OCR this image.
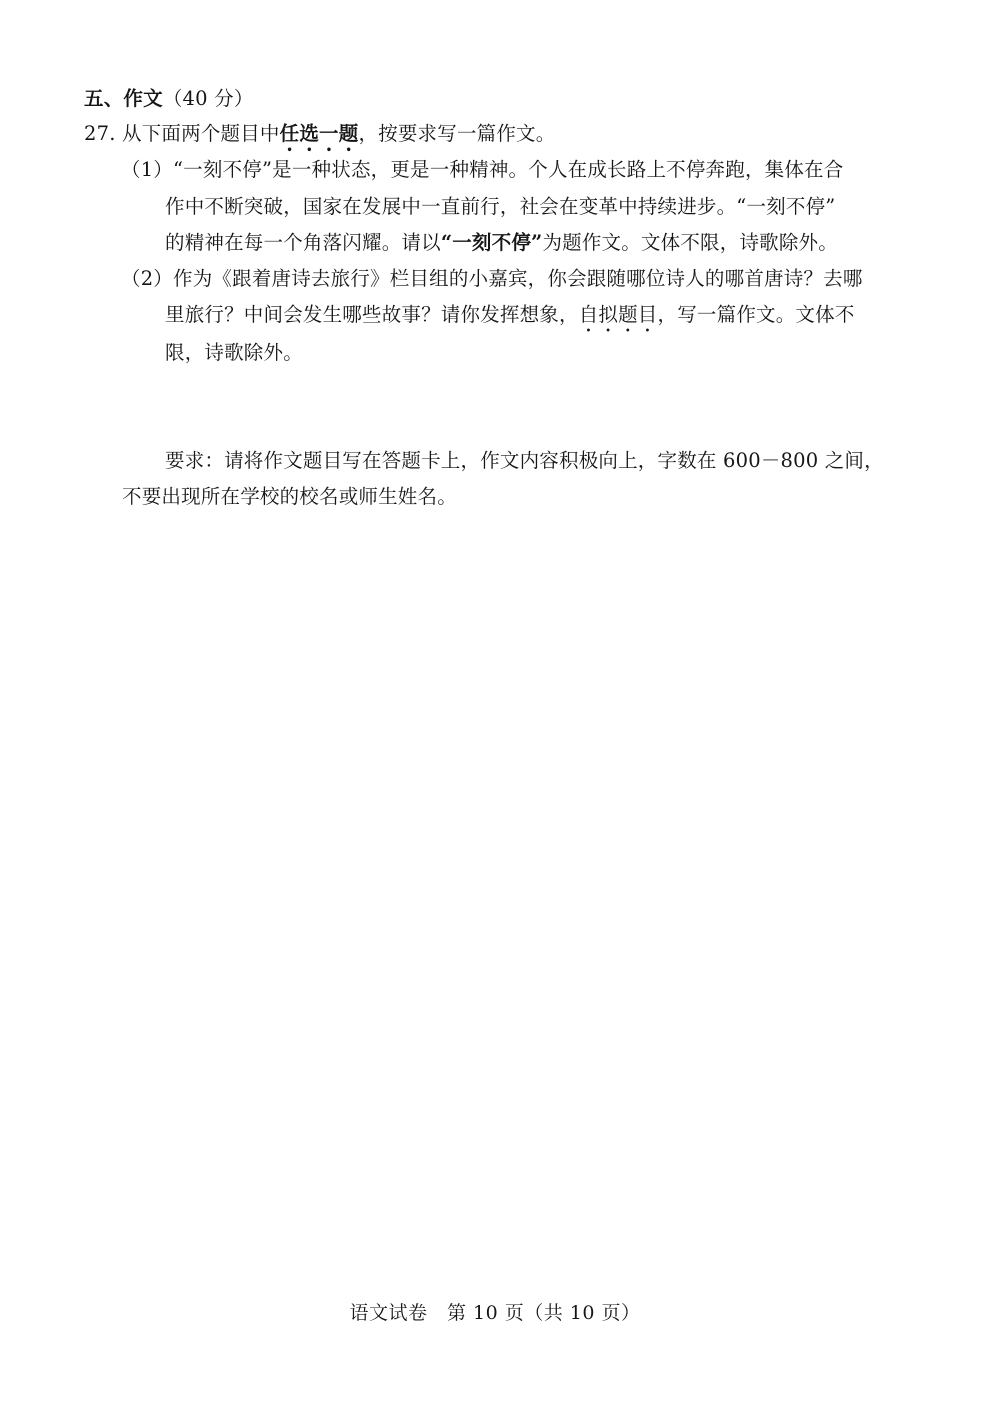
五、作文（40 分）
27. 从下面两个题目中任选一题，按要求写一篇作文。
（1）“一刻不停”是一种状态，更是一种精神。个人在成长路上不停奔跑，集体在合
作中不断突破，国家在发展中一直前行，社会在变革中持续进步。“一刻不停”
的精神在每一个角落闪耀。请以“一刻不停”为题作文。文体不限，诗歌除外。
（2）作为《跟着唐诗去旅行》栏目组的小嘉宾，你会跟随哪位诗人的哪首唐诗？去哪
里旅行？中间会发生哪些故事？请你发挥想象，自拟题目，写一篇作文。文体不
限，诗歌除外。
要求：请将作文题目写在答题卡上，作文内容积极向上，字数在 600－800 之间，
不要出现所在学校的校名或师生姓名。
语文试卷　第 10 页（共 10 页）
